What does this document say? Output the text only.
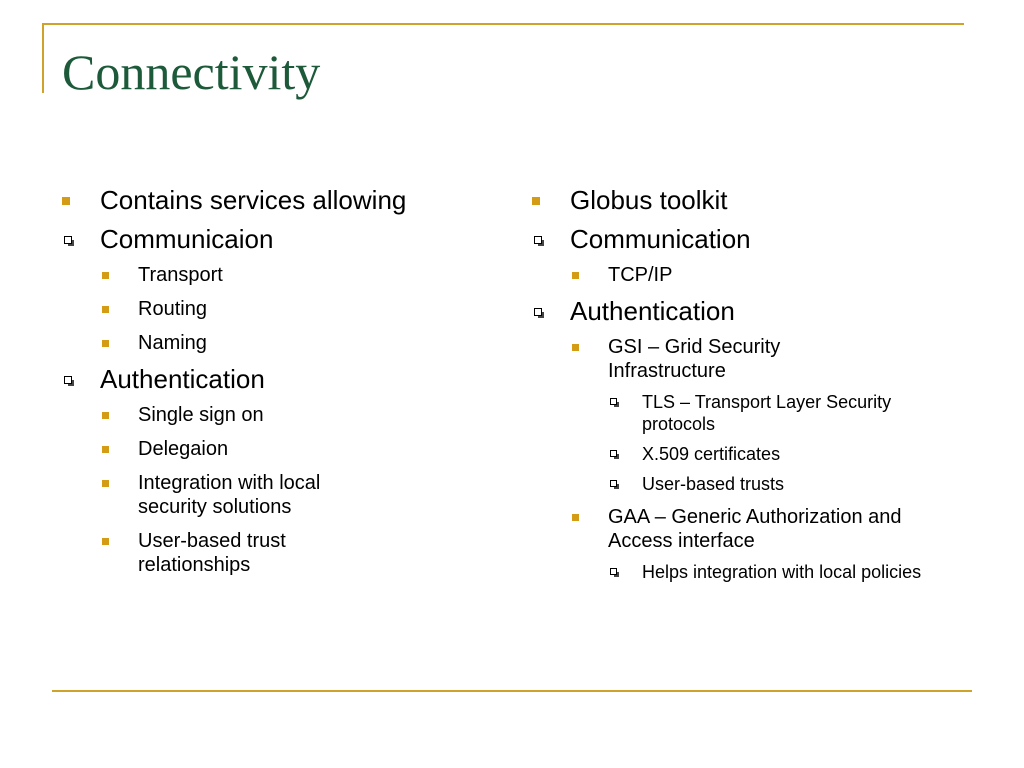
Connectivity
Contains services allowing
Communicaion
Transport
Routing
Naming
Authentication
Single sign on
Delegaion
Integration with local security solutions
User-based trust relationships
Globus toolkit
Communication
TCP/IP
Authentication
GSI – Grid Security Infrastructure
TLS – Transport Layer Security protocols
X.509 certificates
User-based trusts
GAA – Generic Authorization and Access interface
Helps integration with local policies
